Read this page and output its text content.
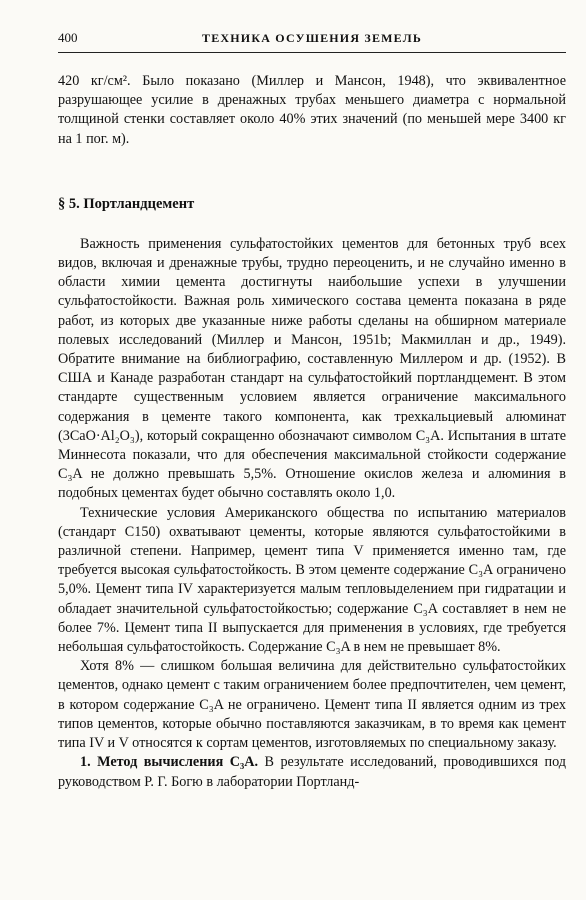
400	ТЕХНИКА ОСУШЕНИЯ ЗЕМЕЛЬ

420 кг/см². Было показано (Миллер и Мансон, 1948), что эквивалентное разрушающее усилие в дренажных трубах меньшего диаметра с нормальной толщиной стенки составляет около 40% этих значений (по меньшей мере 3400 кг на 1 пог. м).

§ 5. Портландцемент

Важность применения сульфатостойких цементов для бетонных труб всех видов, включая и дренажные трубы, трудно переоценить, и не случайно именно в области химии цемента достигнуты наибольшие успехи в улучшении сульфатостойкости. Важная роль химического состава цемента показана в ряде работ, из которых две указанные ниже работы сделаны на обширном материале полевых исследований (Миллер и Мансон, 1951b; Макмиллан и др., 1949). Обратите внимание на библиографию, составленную Миллером и др. (1952). В США и Канаде разработан стандарт на сульфатостойкий портландцемент. В этом стандарте существенным условием является ограничение максимального содержания в цементе такого компонента, как трехкальциевый алюминат (3CaO·Al₂O₃), который сокращенно обозначают символом C₃A. Испытания в штате Миннесота показали, что для обеспечения максимальной стойкости содержание C₃A не должно превышать 5,5%. Отношение окислов железа и алюминия в подобных цементах будет обычно составлять около 1,0.

Технические условия Американского общества по испытанию материалов (стандарт C150) охватывают цементы, которые являются сульфатостойкими в различной степени. Например, цемент типа V применяется именно там, где требуется высокая сульфатостойкость. В этом цементе содержание C₃A ограничено 5,0%. Цемент типа IV характеризуется малым тепловыделением при гидратации и обладает значительной сульфатостойкостью; содержание C₃A составляет в нем не более 7%. Цемент типа II выпускается для применения в условиях, где требуется небольшая сульфатостойкость. Содержание C₃A в нем не превышает 8%.

Хотя 8% — слишком большая величина для действительно сульфатостойких цементов, однако цемент с таким ограничением более предпочтителен, чем цемент, в котором содержание C₃A не ограничено. Цемент типа II является одним из трех типов цементов, которые обычно поставляются заказчикам, в то время как цемент типа IV и V относятся к сортам цементов, изготовляемых по специальному заказу.

1. Метод вычисления C₃A. В результате исследований, проводившихся под руководством Р. Г. Богю в лаборатории Портланд-
